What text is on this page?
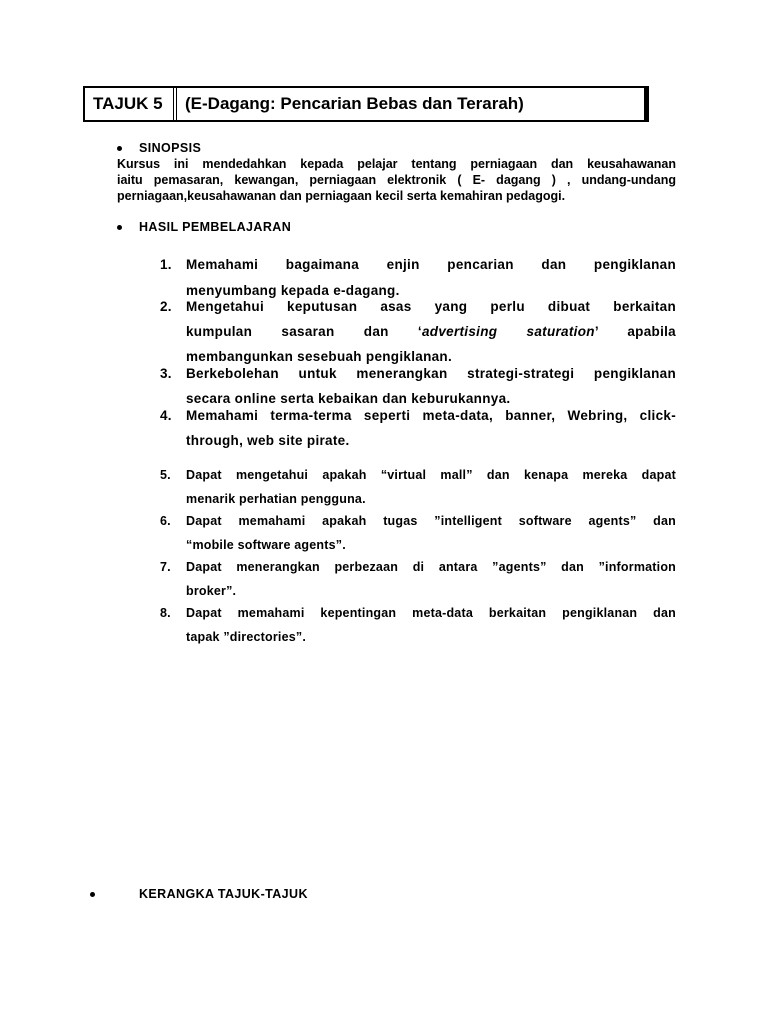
TAJUK 5	(E-Dagang: Pencarian Bebas dan Terarah)
SINOPSIS
Kursus ini mendedahkan kepada pelajar tentang perniagaan dan keusahawanan
iaitu pemasaran, kewangan, perniagaan elektronik ( E- dagang ) , undang-undang
perniagaan,keusahawanan dan perniagaan kecil serta kemahiran pedagogi.
HASIL PEMBELAJARAN
1.	Memahami bagaimana enjin pencarian dan pengiklanan
menyumbang kepada e-dagang.
2.	Mengetahui keputusan asas yang perlu dibuat berkaitan
kumpulan sasaran dan ‘advertising saturation’ apabila
membangunkan sesebuah pengiklanan.
3.	Berkebolehan untuk menerangkan strategi-strategi pengiklanan
secara online serta kebaikan dan keburukannya.
4.	Memahami terma-terma seperti meta-data, banner, Webring, click-
through, web site pirate.
5.	Dapat mengetahui apakah “virtual mall” dan kenapa mereka dapat
menarik perhatian pengguna.
6.	Dapat memahami apakah tugas ”intelligent software agents” dan
“mobile software agents”.
7.	Dapat menerangkan perbezaan di antara ”agents” dan ”information
broker”.
8.	Dapat memahami kepentingan meta-data berkaitan pengiklanan dan
tapak ”directories”.
KERANGKA TAJUK-TAJUK
